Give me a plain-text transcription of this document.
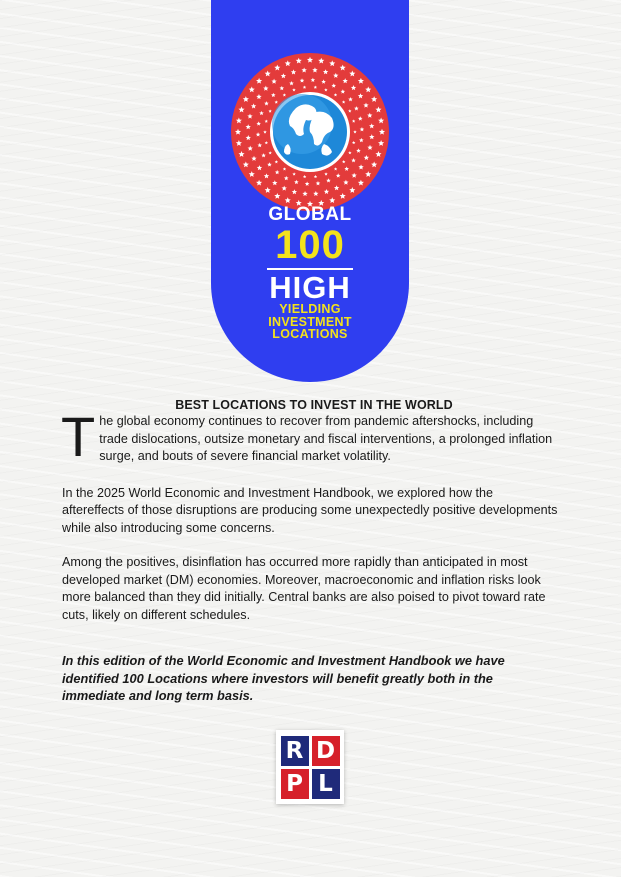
GLOBAL
100
HIGH
YIELDING
INVESTMENT
LOCATIONS
BEST LOCATIONS TO INVEST IN THE WORLD

T he global economy continues to recover from pandemic aftershocks, including trade dislocations, outsize monetary and fiscal interventions, a prolonged inflation surge, and bouts of severe financial market volatility.

In the 2025 World Economic and Investment Handbook, we explored how the aftereffects of those disruptions are producing some unexpectedly positive developments while also introducing some concerns.

Among the positives, disinflation has occurred more rapidly than anticipated in most developed market (DM) economies. Moreover, macroeconomic and inflation risks look more balanced than they did initially. Central banks are also poised to pivot toward rate cuts, likely on different schedules.

In this edition of the World Economic and Investment Handbook we have identified 100 Locations where investors will benefit greatly both in the immediate and long term basis.

R D
P L
